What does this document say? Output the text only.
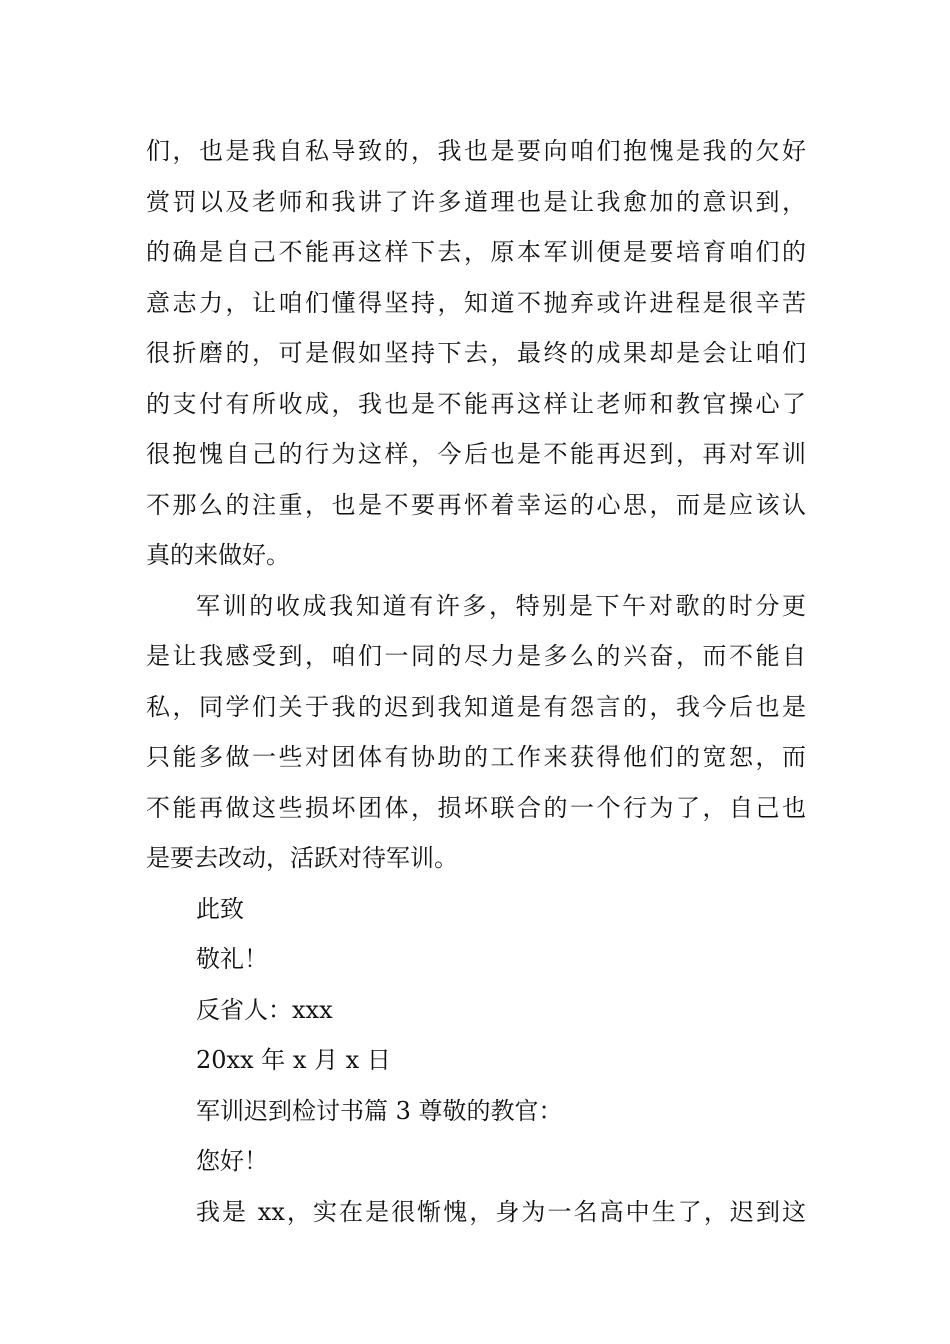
们，也是我自私导致的，我也是要向咱们抱愧是我的欠好
赏罚以及老师和我讲了许多道理也是让我愈加的意识到，
的确是自己不能再这样下去，原本军训便是要培育咱们的
意志力，让咱们懂得坚持，知道不抛弃或许进程是很辛苦
很折磨的，可是假如坚持下去，最终的成果却是会让咱们
的支付有所收成，我也是不能再这样让老师和教官操心了
很抱愧自己的行为这样，今后也是不能再迟到，再对军训
不那么的注重，也是不要再怀着幸运的心思，而是应该认
真的来做好。
军训的收成我知道有许多，特别是下午对歌的时分更
是让我感受到，咱们一同的尽力是多么的兴奋，而不能自
私，同学们关于我的迟到我知道是有怨言的，我今后也是
只能多做一些对团体有协助的工作来获得他们的宽恕，而
不能再做这些损坏团体，损坏联合的一个行为了，自己也
是要去改动，活跃对待军训。
此致
敬礼！
反省人：xxx
20xx 年 x 月 x 日
军训迟到检讨书篇 3 尊敬的教官：
您好！
我是 xx，实在是很惭愧，身为一名高中生了，迟到这
